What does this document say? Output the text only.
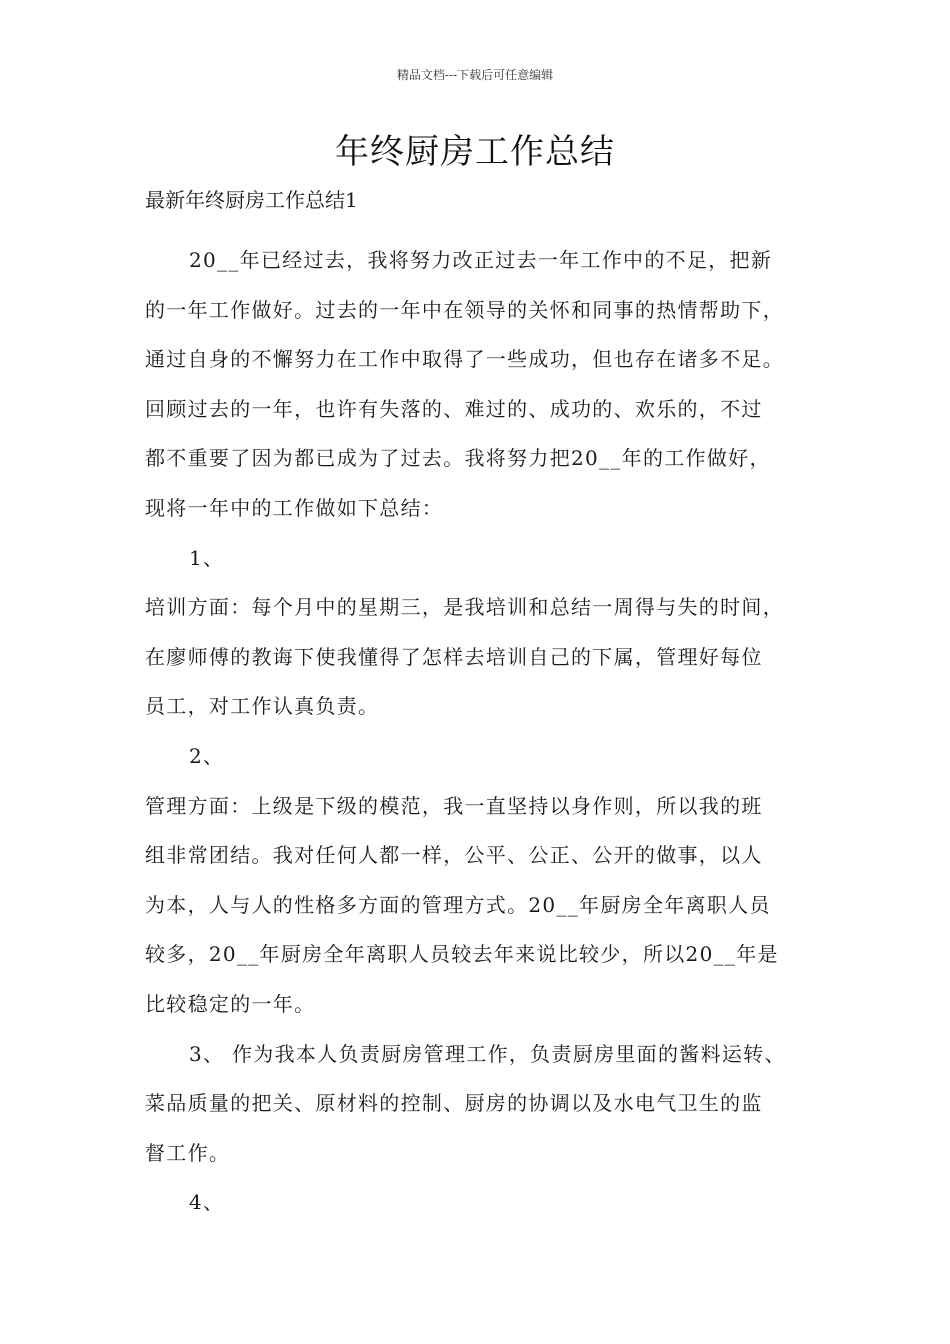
精品文档---下载后可任意编辑
年终厨房工作总结
最新年终厨房工作总结1

20__年已经过去，我将努力改正过去一年工作中的不足，把新
的一年工作做好。过去的一年中在领导的关怀和同事的热情帮助下，
通过自身的不懈努力在工作中取得了一些成功，但也存在诸多不足。
回顾过去的一年，也许有失落的、难过的、成功的、欢乐的，不过
都不重要了因为都已成为了过去。我将努力把20__年的工作做好，
现将一年中的工作做如下总结：

1、

培训方面：每个月中的星期三，是我培训和总结一周得与失的时间，
在廖师傅的教诲下使我懂得了怎样去培训自己的下属，管理好每位
员工，对工作认真负责。

2、

管理方面：上级是下级的模范，我一直坚持以身作则，所以我的班
组非常团结。我对任何人都一样，公平、公正、公开的做事，以人
为本，人与人的性格多方面的管理方式。20__年厨房全年离职人员
较多，20__年厨房全年离职人员较去年来说比较少，所以20__年是
比较稳定的一年。

3、 作为我本人负责厨房管理工作，负责厨房里面的酱料运转、
菜品质量的把关、原材料的控制、厨房的协调以及水电气卫生的监
督工作。

4、
